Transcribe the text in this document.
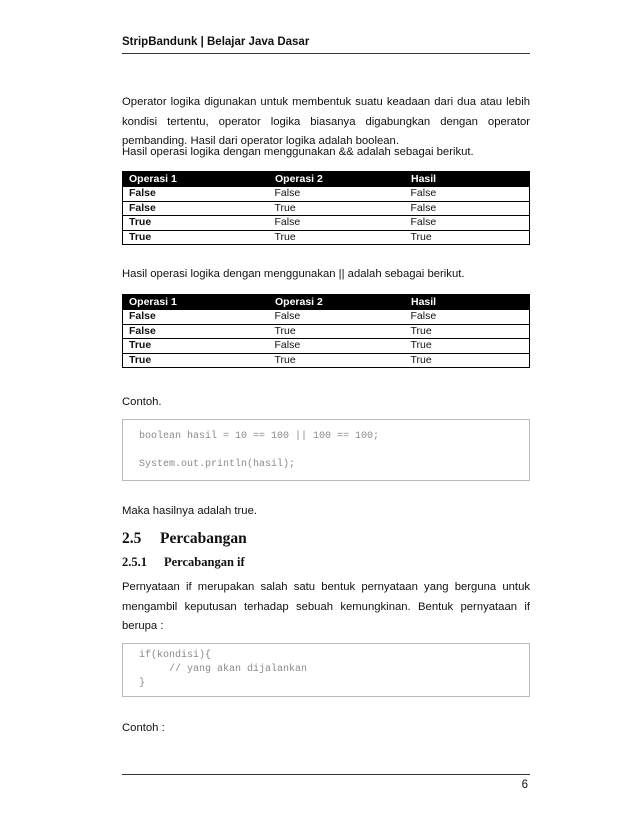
StripBandunk | Belajar Java Dasar
Operator logika digunakan untuk membentuk suatu keadaan dari dua atau lebih kondisi tertentu, operator logika biasanya digabungkan dengan operator pembanding. Hasil dari operator logika adalah boolean.
Hasil operasi logika dengan menggunakan && adalah sebagai berikut.
Operasi 1	Operasi 2	Hasil
False	False	False
False	True	False
True	False	False
True	True	True
Hasil operasi logika dengan menggunakan || adalah sebagai berikut.
Operasi 1	Operasi 2	Hasil
False	False	False
False	True	True
True	False	True
True	True	True
Contoh.
boolean hasil = 10 == 100 || 100 == 100;
System.out.println(hasil);
Maka hasilnya adalah true.
2.5 Percabangan
2.5.1 Percabangan if
Pernyataan if merupakan salah satu bentuk pernyataan yang berguna untuk mengambil keputusan terhadap sebuah kemungkinan. Bentuk pernyataan if berupa :
if(kondisi){
// yang akan dijalankan
}
Contoh :
6
